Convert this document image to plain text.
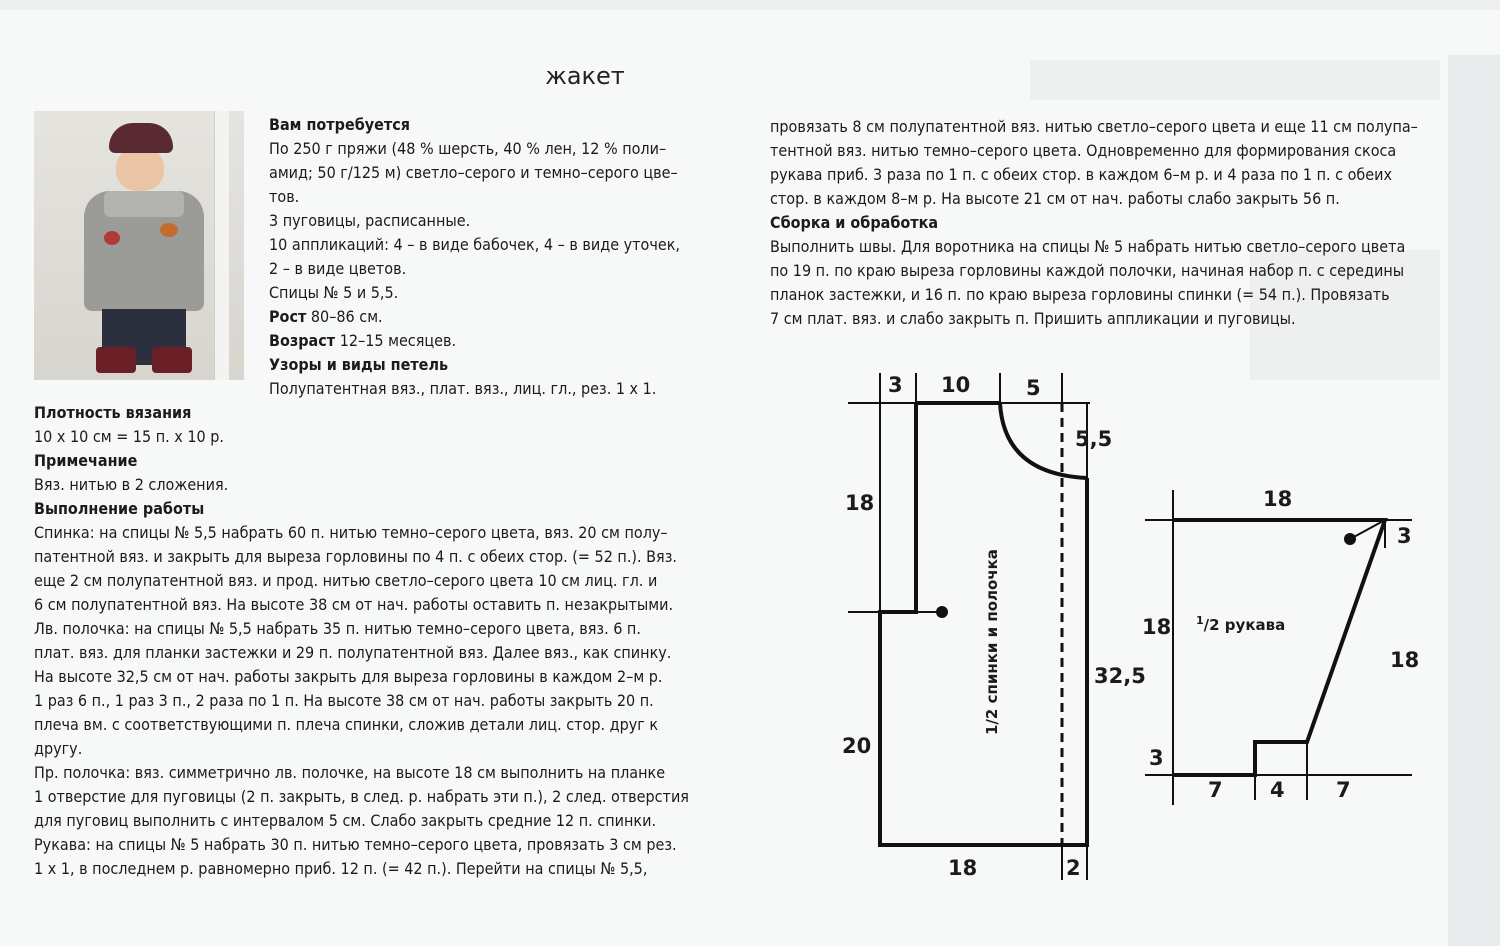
жакет

Вам потребуется

По 250 г пряжи (48 % шерсть, 40 % лен, 12 % поли–

амид; 50 г/125 м) светло–серого и темно–серого цве–

тов.

3 пуговицы, расписанные.

10 аппликаций: 4 – в виде бабочек, 4 – в виде уточек,

2 – в виде цветов.

Спицы № 5 и 5,5.

Рост 80–86 см.

Возраст 12–15 месяцев.

Узоры и виды петель

Полупатентная вяз., плат. вяз., лиц. гл., рез. 1 х 1.

Плотность вязания

10 х 10 см = 15 п. х 10 р.

Примечание

Вяз. нитью в 2 сложения.

Выполнение работы

Спинка: на спицы № 5,5 набрать 60 п. нитью темно–серого цвета, вяз. 20 см полу–

патентной вяз. и закрыть для выреза горловины по 4 п. с обеих стор. (= 52 п.). Вяз.

еще 2 см полупатентной вяз. и прод. нитью светло–серого цвета 10 см лиц. гл. и

6 см полупатентной вяз. На высоте 38 см от нач. работы оставить п. незакрытыми.

Лв. полочка: на спицы № 5,5 набрать 35 п. нитью темно–серого цвета, вяз. 6 п.

плат. вяз. для планки застежки и 29 п. полупатентной вяз. Далее вяз., как спинку.

На высоте 32,5 см от нач. работы закрыть для выреза горловины в каждом 2–м р.

1 раз 6 п., 1 раз 3 п., 2 раза по 1 п. На высоте 38 см от нач. работы закрыть 20 п.

плеча вм. с соответствующими п. плеча спинки, сложив детали лиц. стор. друг к

другу.

Пр. полочка: вяз. симметрично лв. полочке, на высоте 18 см выполнить на планке

1 отверстие для пуговицы (2 п. закрыть, в след. р. набрать эти п.), 2 след. отверстия

для пуговиц выполнить с интервалом 5 см. Слабо закрыть средние 12 п. спинки.

Рукава: на спицы № 5 набрать 30 п. нитью темно–серого цвета, провязать 3 см рез.

1 х 1, в последнем р. равномерно приб. 12 п. (= 42 п.). Перейти на спицы № 5,5,

провязать 8 см полупатентной вяз. нитью светло–серого цвета и еще 11 см полупа–

тентной вяз. нитью темно–серого цвета. Одновременно для формирования скоса

рукава приб. 3 раза по 1 п. с обеих стор. в каждом 6–м р. и 4 раза по 1 п. с обеих

стор. в каждом 8–м р. На высоте 21 см от нач. работы слабо закрыть 56 п.

Сборка и обработка

Выполнить швы. Для воротника на спицы № 5 набрать нитью светло–серого цвета

по 19 п. по краю выреза горловины каждой полочки, начиная набор п. с середины

планок застежки, и 16 п. по краю выреза горловины спинки (= 54 п.). Провязать

7 см плат. вяз. и слабо закрыть п. Пришить аппликации и пуговицы.

3 10	5
5,5
18
32,5
20
18	2
1/2 спинки и полочка
18
3
18
18
3
7 4 7
$^1$/2 рукава
